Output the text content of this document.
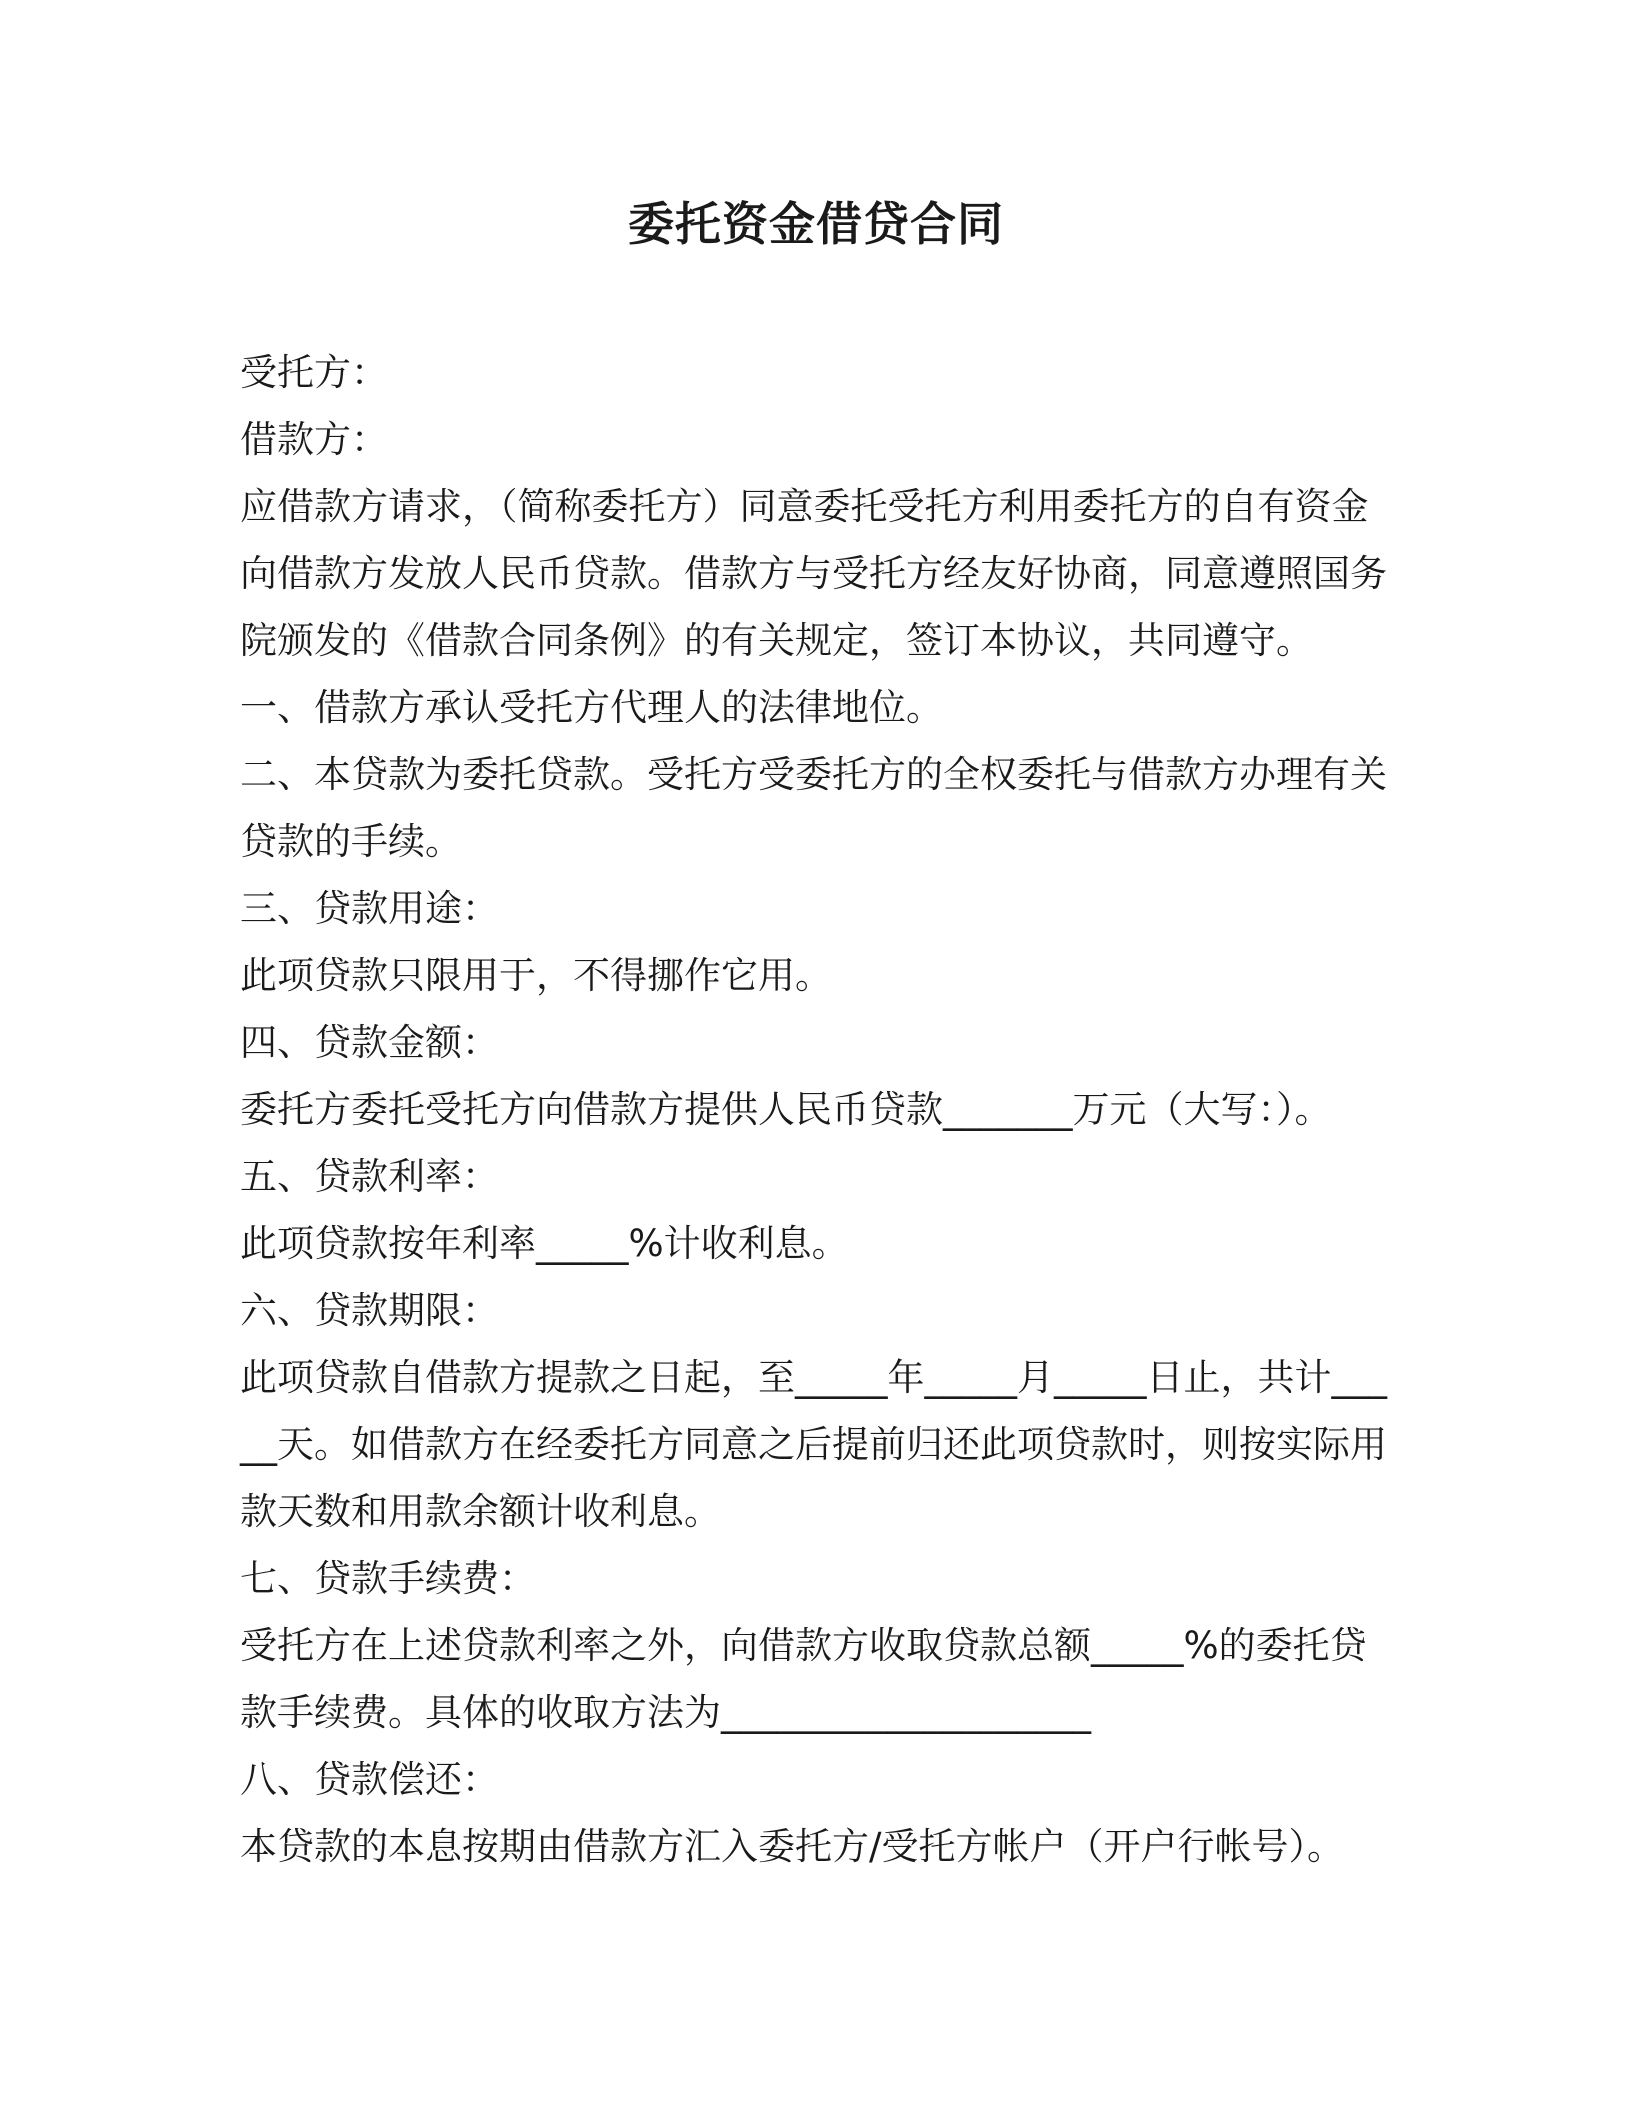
委托资金借贷合同

受托方：

借款方：

应借款方请求，（简称委托方）同意委托受托方利用委托方的自有资金向借款方发放人民币贷款。借款方与受托方经友好协商，同意遵照国务院颁发的《借款合同条例》的有关规定，签订本协议，共同遵守。

一、借款方承认受托方代理人的法律地位。

二、本贷款为委托贷款。受托方受委托方的全权委托与借款方办理有关贷款的手续。

三、贷款用途：

此项贷款只限用于，不得挪作它用。

四、贷款金额：

委托方委托受托方向借款方提供人民币贷款_______万元（大写：）。

五、贷款利率：

此项贷款按年利率_____%计收利息。

六、贷款期限：

此项贷款自借款方提款之日起，至_____年_____月_____日止，共计_____天。如借款方在经委托方同意之后提前归还此项贷款时，则按实际用款天数和用款余额计收利息。

七、贷款手续费：

受托方在上述贷款利率之外，向借款方收取贷款总额_____%的委托贷款手续费。具体的收取方法为____________________

八、贷款偿还：

本贷款的本息按期由借款方汇入委托方/受托方帐户（开户行帐号）。
